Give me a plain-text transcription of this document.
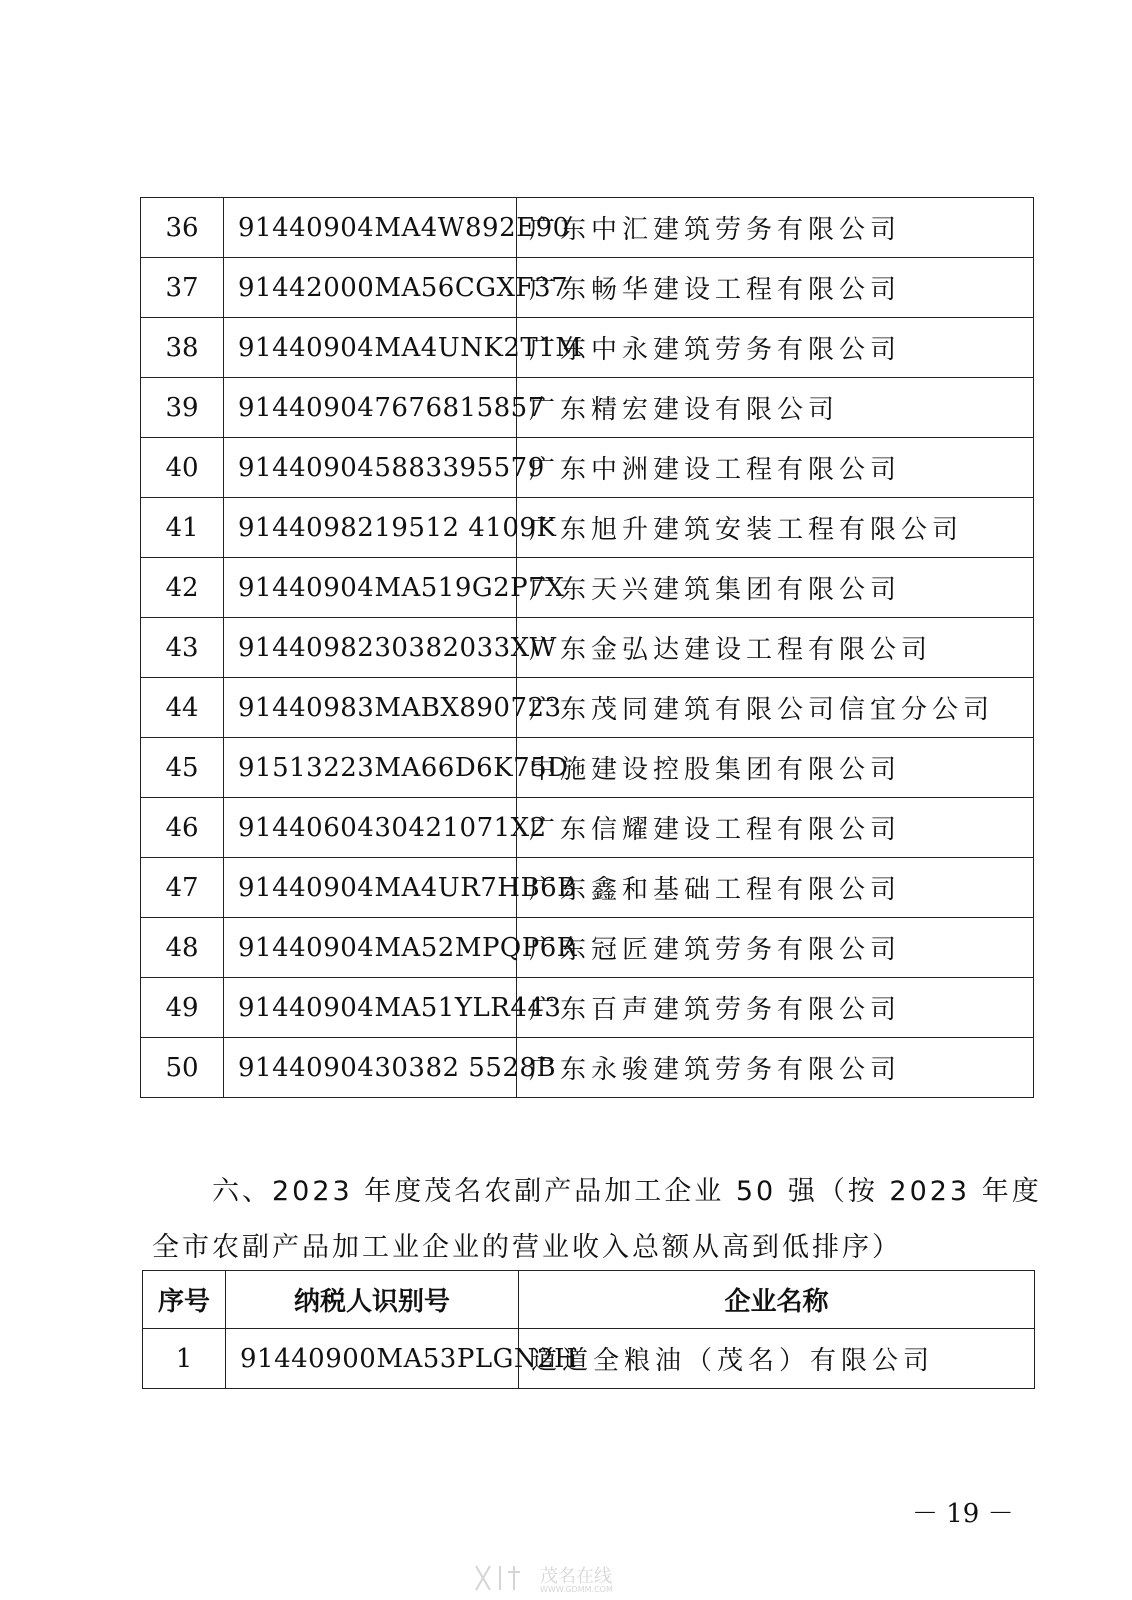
36	91440904MA4W892E90	广东中汇建筑劳务有限公司
37	91442000MA56CGXF37	广东畅华建设工程有限公司
38	91440904MA4UNK2T1M	广东中永建筑劳务有限公司
39	914409047676815857	广东精宏建设有限公司
40	914409045883395579	广东中洲建设工程有限公司
41	9144098219512 4109K	广东旭升建筑安装工程有限公司
42	91440904MA519G2P7X	广东天兴建筑集团有限公司
43	9144098230382033XW	广东金弘达建设工程有限公司
44	91440983MABX890723	广东茂同建筑有限公司信宜分公司
45	91513223MA66D6K75D	中施建设控股集团有限公司
46	9144060430421071X2	广东信耀建设工程有限公司
47	91440904MA4UR7HB6B	广东鑫和基础工程有限公司
48	91440904MA52MPQP6R	广东冠匠建筑劳务有限公司
49	91440904MA51YLR443	广东百声建筑劳务有限公司
50	9144090430382 5528B	广东永骏建筑劳务有限公司
六、2023 年度茂名农副产品加工企业 50 强（按 2023 年度
全市农副产品加工业企业的营业收入总额从高到低排序）
序号	纳税人识别号	企业名称
1	91440900MA53PLGN2H	道道全粮油（茂名）有限公司
－ 19 －
茂名在线
WWW.GDMM.COM
